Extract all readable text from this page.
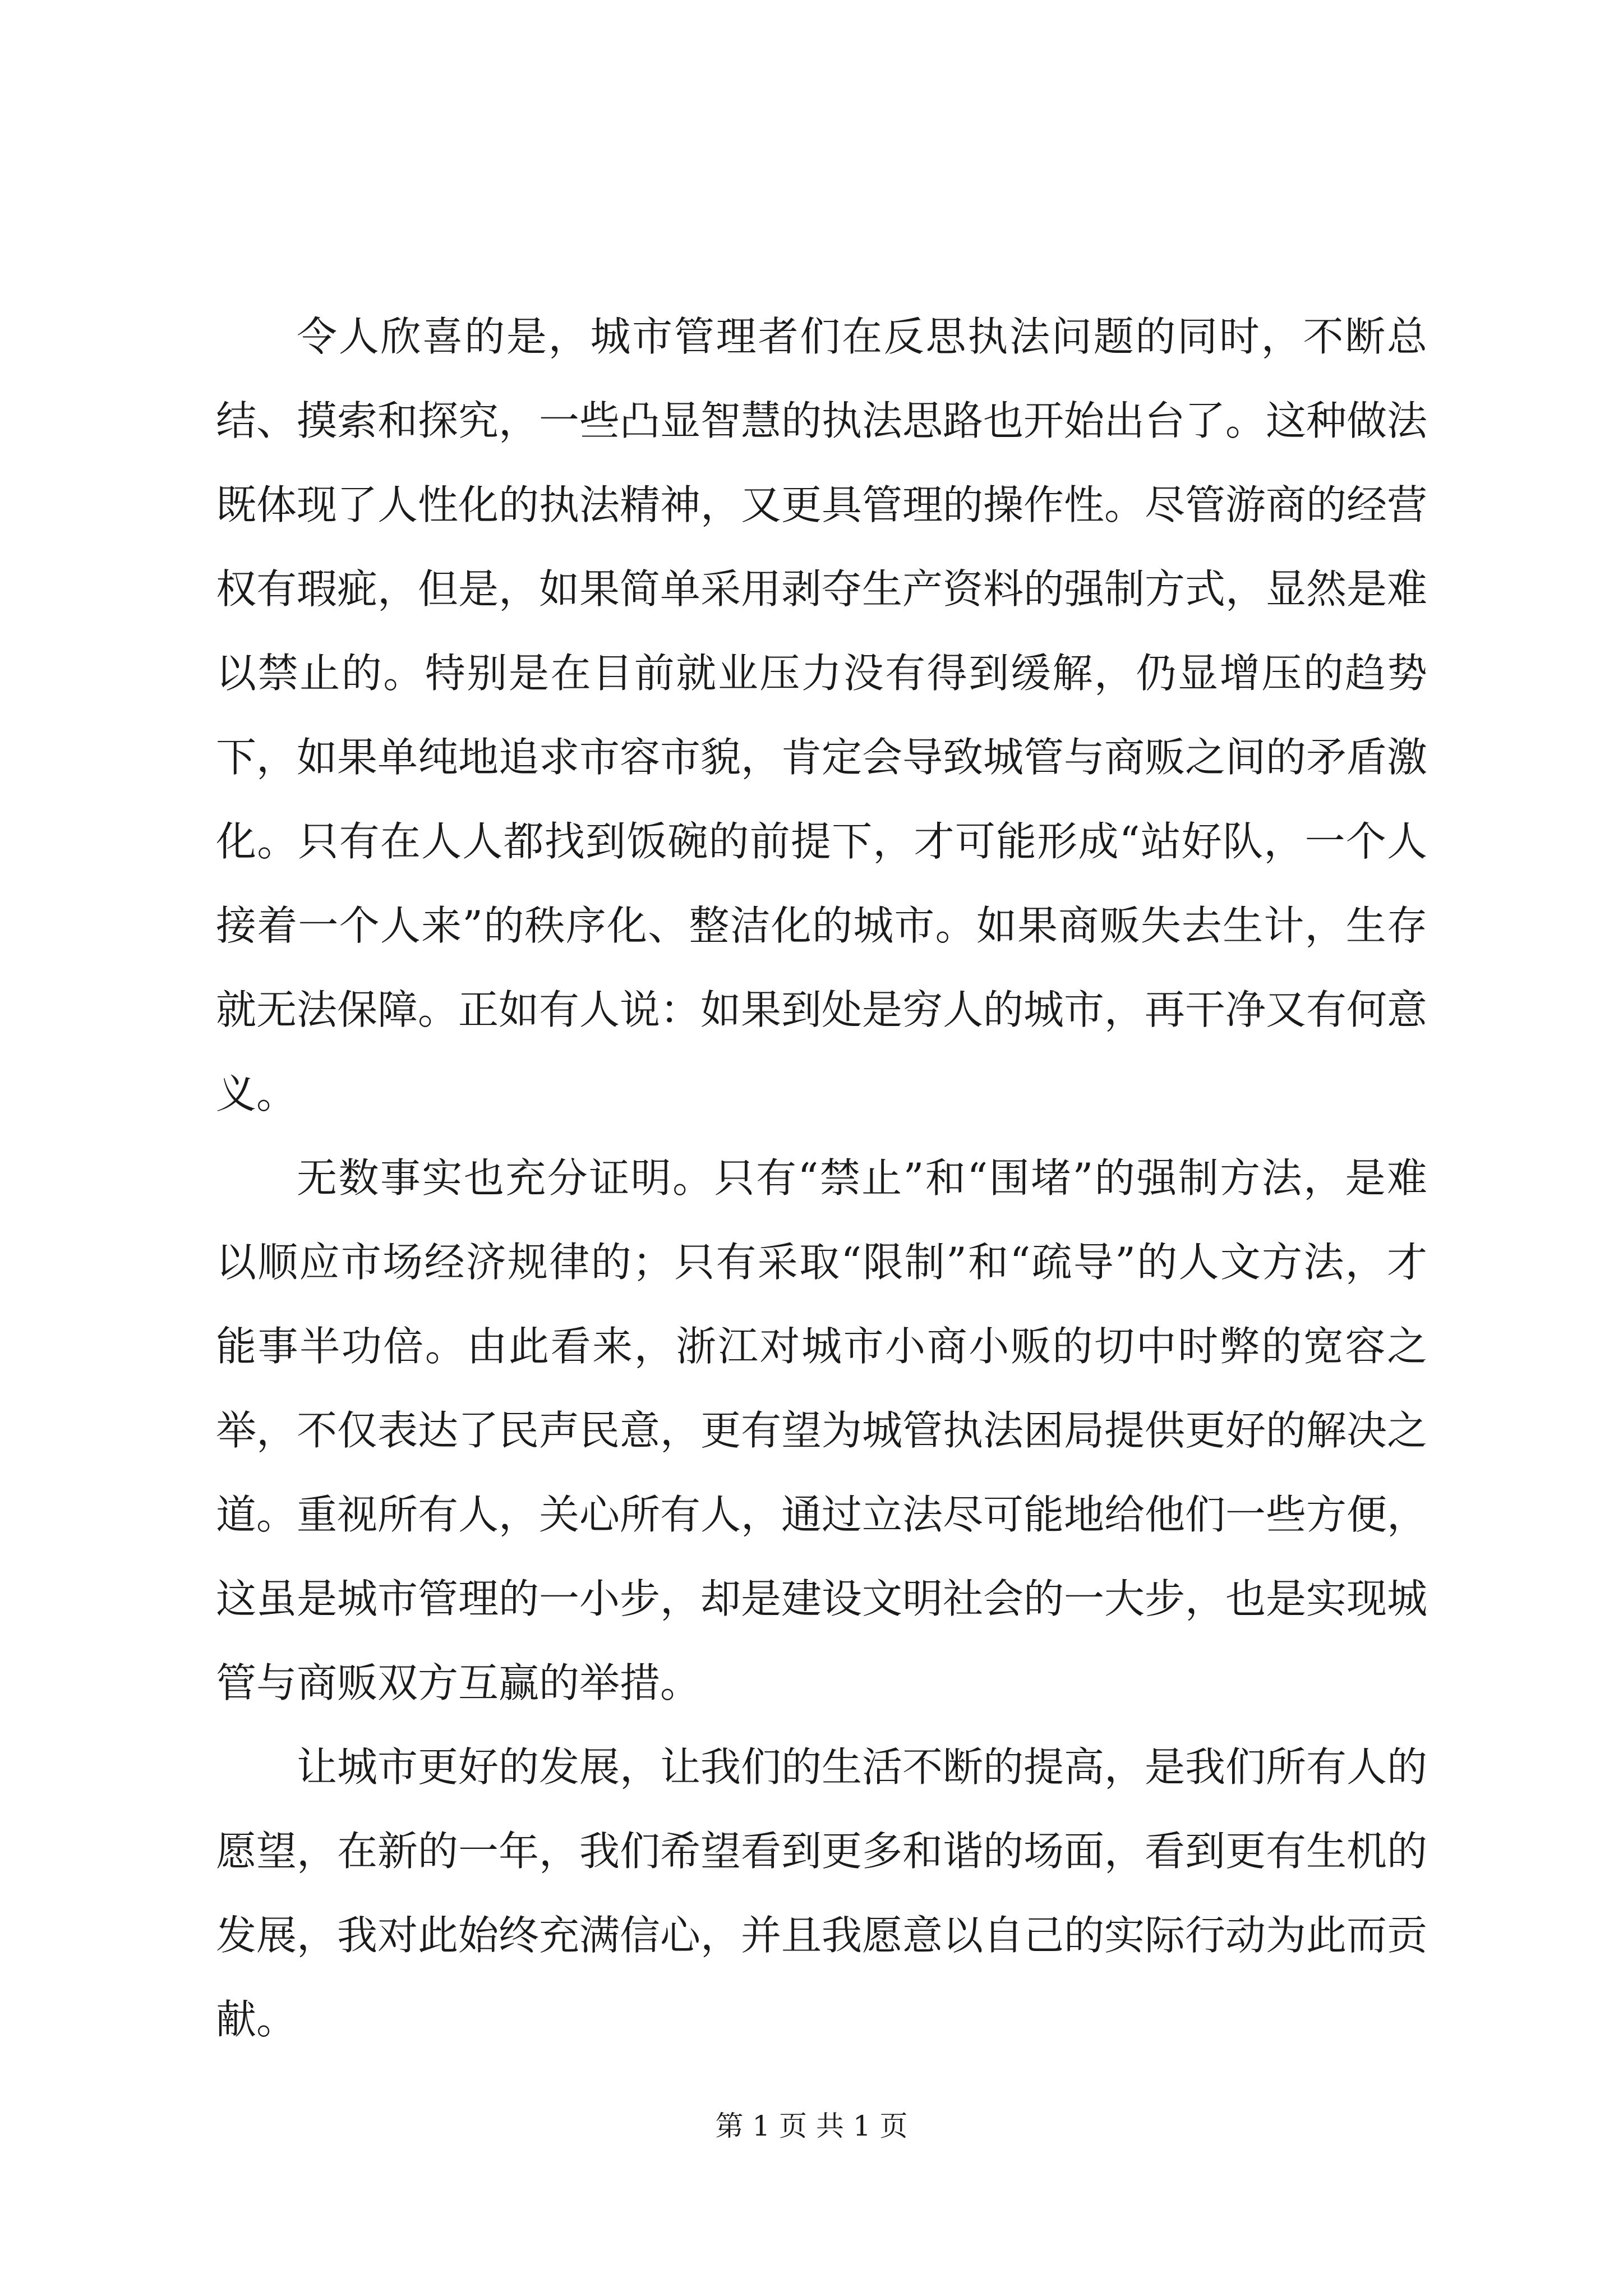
令人欣喜的是，城市管理者们在反思执法问题的同时，不断总结、摸索和探究，一些凸显智慧的执法思路也开始出台了。这种做法既体现了人性化的执法精神，又更具管理的操作性。尽管游商的经营权有瑕疵，但是，如果简单采用剥夺生产资料的强制方式，显然是难以禁止的。特别是在目前就业压力没有得到缓解，仍显增压的趋势下，如果单纯地追求市容市貌，肯定会导致城管与商贩之间的矛盾激化。只有在人人都找到饭碗的前提下，才可能形成“站好队，一个人接着一个人来”的秩序化、整洁化的城市。如果商贩失去生计，生存就无法保障。正如有人说：如果到处是穷人的城市，再干净又有何意义。

无数事实也充分证明。只有“禁止”和“围堵”的强制方法，是难以顺应市场经济规律的；只有采取“限制”和“疏导”的人文方法，才能事半功倍。由此看来，浙江对城市小商小贩的切中时弊的宽容之举，不仅表达了民声民意，更有望为城管执法困局提供更好的解决之道。重视所有人，关心所有人，通过立法尽可能地给他们一些方便，这虽是城市管理的一小步，却是建设文明社会的一大步，也是实现城管与商贩双方互赢的举措。

让城市更好的发展，让我们的生活不断的提高，是我们所有人的愿望，在新的一年，我们希望看到更多和谐的场面，看到更有生机的发展，我对此始终充满信心，并且我愿意以自己的实际行动为此而贡献。

第 1 页 共 1 页
